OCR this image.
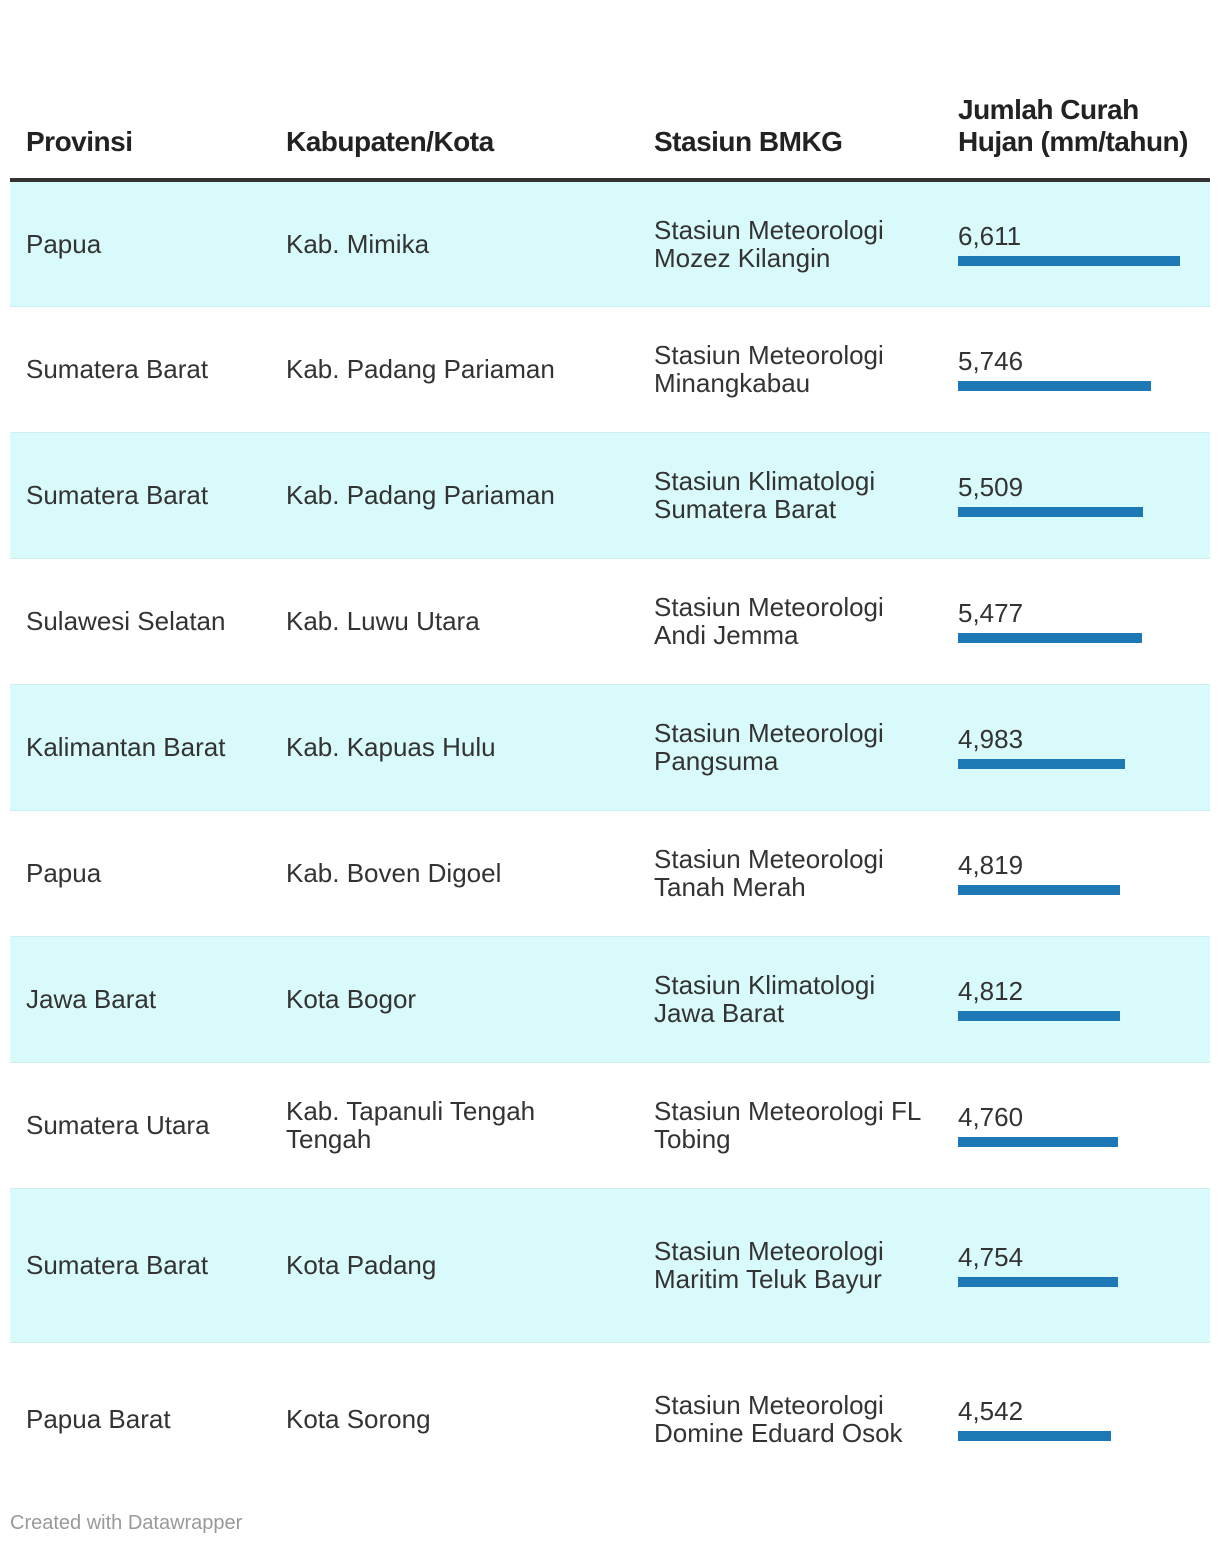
Provinsi	Kabupaten/Kota	Stasiun BMKG	Jumlah Curah Hujan (mm/tahun)
Papua	Kab. Mimika	Stasiun Meteorologi Mozez Kilangin	6,611

Sumatera Barat	Kab. Padang Pariaman	Stasiun Meteorologi Minangkabau	5,746

Sumatera Barat	Kab. Padang Pariaman	Stasiun Klimatologi Sumatera Barat	5,509

Sulawesi Selatan	Kab. Luwu Utara	Stasiun Meteorologi Andi Jemma	5,477

Kalimantan Barat	Kab. Kapuas Hulu	Stasiun Meteorologi Pangsuma	4,983

Papua	Kab. Boven Digoel	Stasiun Meteorologi Tanah Merah	4,819

Jawa Barat	Kota Bogor	Stasiun Klimatologi Jawa Barat	4,812

Sumatera Utara	Kab. Tapanuli Tengah Tengah	Stasiun Meteorologi FL Tobing	4,760

Sumatera Barat	Kota Padang	Stasiun Meteorologi Maritim Teluk Bayur	4,754

Papua Barat	Kota Sorong	Stasiun Meteorologi Domine Eduard Osok	4,542
Created with Datawrapper
